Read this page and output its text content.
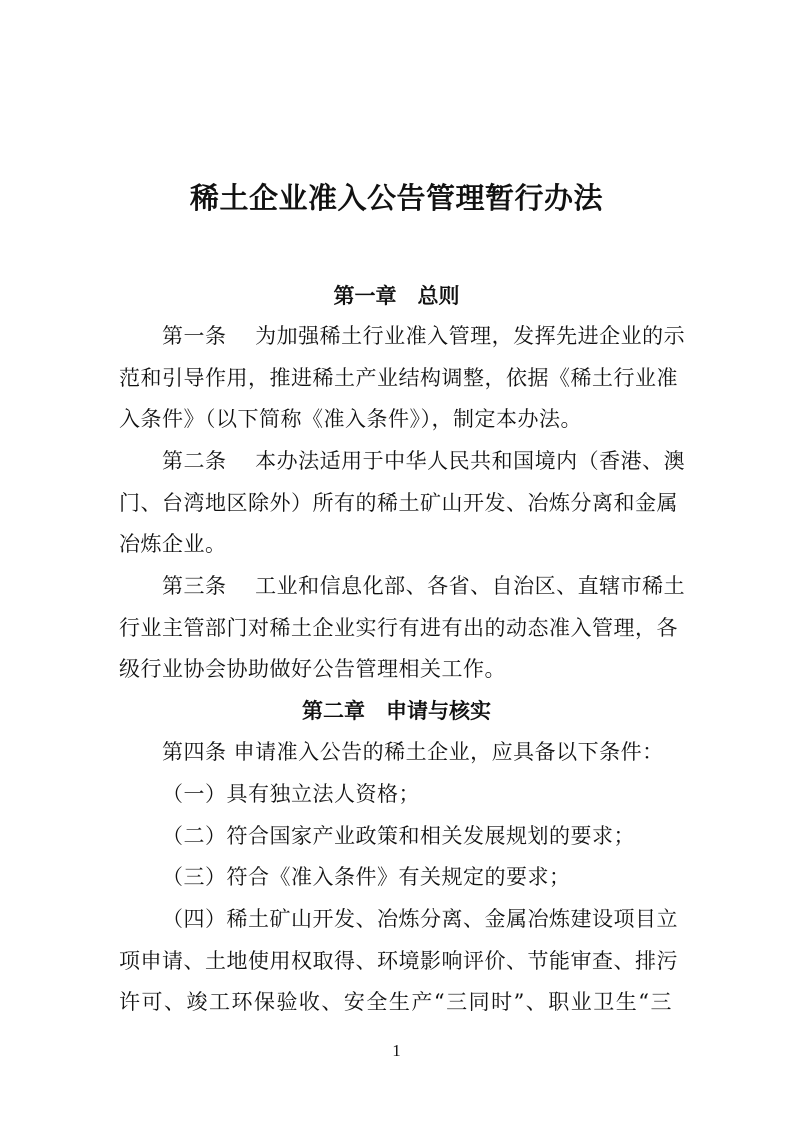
稀土企业准入公告管理暂行办法
第一章　总则
第一条　 为加强稀土行业准入管理，发挥先进企业的示
范和引导作用，推进稀土产业结构调整，依据《稀土行业准
入条件》（以下简称《准入条件》），制定本办法。
第二条　 本办法适用于中华人民共和国境内（香港、澳
门、台湾地区除外）所有的稀土矿山开发、冶炼分离和金属
冶炼企业。
第三条　 工业和信息化部、各省、自治区、直辖市稀土
行业主管部门对稀土企业实行有进有出的动态准入管理，各
级行业协会协助做好公告管理相关工作。
第二章　申请与核实
第四条 申请准入公告的稀土企业，应具备以下条件：
（一）具有独立法人资格；
（二）符合国家产业政策和相关发展规划的要求；
（三）符合《准入条件》有关规定的要求；
（四）稀土矿山开发、冶炼分离、金属冶炼建设项目立
项申请、土地使用权取得、环境影响评价、节能审查、排污
许可、竣工环保验收、安全生产“三同时”、职业卫生“三
1
